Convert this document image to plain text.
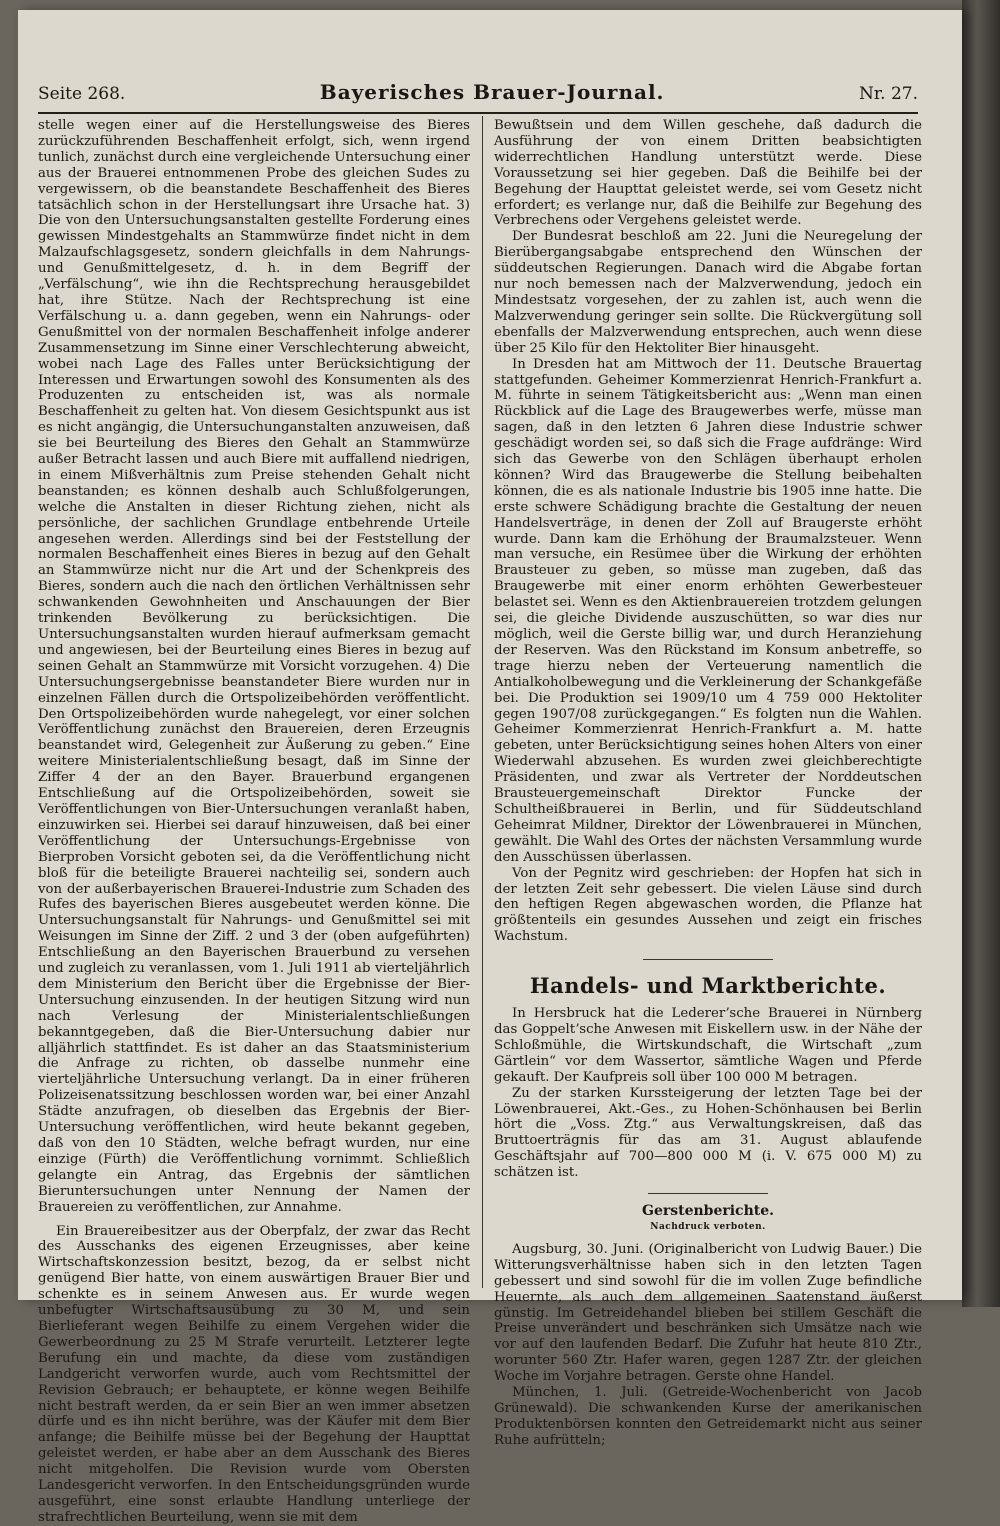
Seite 268.	Bayerisches Brauer-Journal.	Nr. 27.

stelle wegen einer auf die Herstellungsweise des Bieres zurückzuführenden Beschaffenheit erfolgt, sich, wenn irgend tunlich, zunächst durch eine vergleichende Untersuchung einer aus der Brauerei entnommenen Probe des gleichen Sudes zu vergewissern, ob die beanstandete Beschaffenheit des Bieres tatsächlich schon in der Herstellungsart ihre Ursache hat. 3) Die von den Untersuchungsanstalten gestellte Forderung eines gewissen Mindestgehalts an Stammwürze findet nicht in dem Malzaufschlagsgesetz, sondern gleichfalls in dem Nahrungs- und Genußmittelgesetz, d. h. in dem Begriff der „Verfälschung“, wie ihn die Rechtsprechung herausgebildet hat, ihre Stütze. Nach der Rechtsprechung ist eine Verfälschung u. a. dann gegeben, wenn ein Nahrungs- oder Genußmittel von der normalen Beschaffenheit infolge anderer Zusammensetzung im Sinne einer Verschlechterung abweicht, wobei nach Lage des Falles unter Berücksichtigung der Interessen und Erwartungen sowohl des Konsumenten als des Produzenten zu entscheiden ist, was als normale Beschaffenheit zu gelten hat. Von diesem Gesichtspunkt aus ist es nicht angängig, die Untersuchunganstalten anzuweisen, daß sie bei Beurteilung des Bieres den Gehalt an Stammwürze außer Betracht lassen und auch Biere mit auffallend niedrigen, in einem Mißverhältnis zum Preise stehenden Gehalt nicht beanstanden; es können deshalb auch Schlußfolgerungen, welche die Anstalten in dieser Richtung ziehen, nicht als persönliche, der sachlichen Grundlage entbehrende Urteile angesehen werden. Allerdings sind bei der Feststellung der normalen Beschaffenheit eines Bieres in bezug auf den Gehalt an Stammwürze nicht nur die Art und der Schenkpreis des Bieres, sondern auch die nach den örtlichen Verhältnissen sehr schwankenden Gewohnheiten und Anschauungen der Bier trinkenden Bevölkerung zu berücksichtigen. Die Untersuchungsanstalten wurden hierauf aufmerksam gemacht und angewiesen, bei der Beurteilung eines Bieres in bezug auf seinen Gehalt an Stammwürze mit Vorsicht vorzugehen. 4) Die Untersuchungsergebnisse beanstandeter Biere wurden nur in einzelnen Fällen durch die Ortspolizeibehörden veröffentlicht. Den Ortspolizeibehörden wurde nahegelegt, vor einer solchen Veröffentlichung zunächst den Brauereien, deren Erzeugnis beanstandet wird, Gelegenheit zur Äußerung zu geben.“ Eine weitere Ministerialentschließung besagt, daß im Sinne der Ziffer 4 der an den Bayer. Brauerbund ergangenen Entschließung auf die Ortspolizeibehörden, soweit sie Veröffentlichungen von Bier-Untersuchungen veranlaßt haben, einzuwirken sei. Hierbei sei darauf hinzuweisen, daß bei einer Veröffentlichung der Untersuchungs-Ergebnisse von Bierproben Vorsicht geboten sei, da die Veröffentlichung nicht bloß für die beteiligte Brauerei nachteilig sei, sondern auch von der außerbayerischen Brauerei-Industrie zum Schaden des Rufes des bayerischen Bieres ausgebeutet werden könne. Die Untersuchungsanstalt für Nahrungs- und Genußmittel sei mit Weisungen im Sinne der Ziff. 2 und 3 der (oben aufgeführten) Entschließung an den Bayerischen Brauerbund zu versehen und zugleich zu veranlassen, vom 1. Juli 1911 ab vierteljährlich dem Ministerium den Bericht über die Ergebnisse der Bier-Untersuchung einzusenden. In der heutigen Sitzung wird nun nach Verlesung der Ministerialentschließungen bekanntgegeben, daß die Bier-Untersuchung dabier nur alljährlich stattfindet. Es ist daher an das Staatsministerium die Anfrage zu richten, ob dasselbe nunmehr eine vierteljährliche Untersuchung verlangt. Da in einer früheren Polizeisenatssitzung beschlossen worden war, bei einer Anzahl Städte anzufragen, ob dieselben das Ergebnis der Bier-Untersuchung veröffentlichen, wird heute bekannt gegeben, daß von den 10 Städten, welche befragt wurden, nur eine einzige (Fürth) die Veröffentlichung vornimmt. Schließlich gelangte ein Antrag, das Ergebnis der sämtlichen Bieruntersuchungen unter Nennung der Namen der Brauereien zu veröffentlichen, zur Annahme.

Ein Brauereibesitzer aus der Oberpfalz, der zwar das Recht des Ausschanks des eigenen Erzeugnisses, aber keine Wirtschaftskonzession besitzt, bezog, da er selbst nicht genügend Bier hatte, von einem auswärtigen Brauer Bier und schenkte es in seinem Anwesen aus. Er wurde wegen unbefugter Wirtschaftsausübung zu 30 M, und sein Bierlieferant wegen Beihilfe zu einem Vergehen wider die Gewerbeordnung zu 25 M Strafe verurteilt. Letzterer legte Berufung ein und machte, da diese vom zuständigen Landgericht verworfen wurde, auch vom Rechtsmittel der Revision Gebrauch; er behauptete, er könne wegen Beihilfe nicht bestraft werden, da er sein Bier an wen immer absetzen dürfe und es ihn nicht berühre, was der Käufer mit dem Bier anfange; die Beihilfe müsse bei der Begehung der Haupttat geleistet werden, er habe aber an dem Ausschank des Bieres nicht mitgeholfen. Die Revision wurde vom Obersten Landesgericht verworfen. In den Entscheidungsgründen wurde ausgeführt, eine sonst erlaubte Handlung unterliege der strafrechtlichen Beurteilung, wenn sie mit dem

Bewußtsein und dem Willen geschehe, daß dadurch die Ausführung der von einem Dritten beabsichtigten widerrechtlichen Handlung unterstützt werde. Diese Voraussetzung sei hier gegeben. Daß die Beihilfe bei der Begehung der Haupttat geleistet werde, sei vom Gesetz nicht erfordert; es verlange nur, daß die Beihilfe zur Begehung des Verbrechens oder Vergehens geleistet werde.

Der Bundesrat beschloß am 22. Juni die Neuregelung der Bierübergangsabgabe entsprechend den Wünschen der süddeutschen Regierungen. Danach wird die Abgabe fortan nur noch bemessen nach der Malzverwendung, jedoch ein Mindestsatz vorgesehen, der zu zahlen ist, auch wenn die Malzverwendung geringer sein sollte. Die Rückvergütung soll ebenfalls der Malzverwendung entsprechen, auch wenn diese über 25 Kilo für den Hektoliter Bier hinausgeht.

In Dresden hat am Mittwoch der 11. Deutsche Brauertag stattgefunden. Geheimer Kommerzienrat Henrich-Frankfurt a. M. führte in seinem Tätigkeitsbericht aus: „Wenn man einen Rückblick auf die Lage des Braugewerbes werfe, müsse man sagen, daß in den letzten 6 Jahren diese Industrie schwer geschädigt worden sei, so daß sich die Frage aufdränge: Wird sich das Gewerbe von den Schlägen überhaupt erholen können? Wird das Braugewerbe die Stellung beibehalten können, die es als nationale Industrie bis 1905 inne hatte. Die erste schwere Schädigung brachte die Gestaltung der neuen Handelsverträge, in denen der Zoll auf Braugerste erhöht wurde. Dann kam die Erhöhung der Braumalzsteuer. Wenn man versuche, ein Resümee über die Wirkung der erhöhten Brausteuer zu geben, so müsse man zugeben, daß das Braugewerbe mit einer enorm erhöhten Gewerbesteuer belastet sei. Wenn es den Aktienbrauereien trotzdem gelungen sei, die gleiche Dividende auszuschütten, so war dies nur möglich, weil die Gerste billig war, und durch Heranziehung der Reserven. Was den Rückstand im Konsum anbetreffe, so trage hierzu neben der Verteuerung namentlich die Antialkoholbewegung und die Verkleinerung der Schankgefäße bei. Die Produktion sei 1909/10 um 4 759 000 Hektoliter gegen 1907/08 zurückgegangen.“ Es folgten nun die Wahlen. Geheimer Kommerzienrat Henrich-Frankfurt a. M. hatte gebeten, unter Berücksichtigung seines hohen Alters von einer Wiederwahl abzusehen. Es wurden zwei gleichberechtigte Präsidenten, und zwar als Vertreter der Norddeutschen Brausteuergemeinschaft Direktor Funcke der Schultheißbrauerei in Berlin, und für Süddeutschland Geheimrat Mildner, Direktor der Löwenbrauerei in München, gewählt. Die Wahl des Ortes der nächsten Versammlung wurde den Ausschüssen überlassen.

Von der Pegnitz wird geschrieben: der Hopfen hat sich in der letzten Zeit sehr gebessert. Die vielen Läuse sind durch den heftigen Regen abgewaschen worden, die Pflanze hat größtenteils ein gesundes Aussehen und zeigt ein frisches Wachstum.

Handels- und Marktberichte.

In Hersbruck hat die Ledererʼsche Brauerei in Nürnberg das Goppeltʼsche Anwesen mit Eiskellern usw. in der Nähe der Schloßmühle, die Wirtskundschaft, die Wirtschaft „zum Gärtlein“ vor dem Wassertor, sämtliche Wagen und Pferde gekauft. Der Kaufpreis soll über 100 000 M betragen.

Zu der starken Kurssteigerung der letzten Tage bei der Löwenbrauerei, Akt.-Ges., zu Hohen-Schönhausen bei Berlin hört die „Voss. Ztg.“ aus Verwaltungskreisen, daß das Bruttoerträgnis für das am 31. August ablaufende Geschäftsjahr auf 700—800 000 M (i. V. 675 000 M) zu schätzen ist.

Gerstenberichte.
Nachdruck verboten.

Augsburg, 30. Juni. (Originalbericht von Ludwig Bauer.) Die Witterungsverhältnisse haben sich in den letzten Tagen gebessert und sind sowohl für die im vollen Zuge befindliche Heuernte, als auch dem allgemeinen Saatenstand äußerst günstig. Im Getreidehandel blieben bei stillem Geschäft die Preise unverändert und beschränken sich Umsätze nach wie vor auf den laufenden Bedarf. Die Zufuhr hat heute 810 Ztr., worunter 560 Ztr. Hafer waren, gegen 1287 Ztr. der gleichen Woche im Vorjahre betragen. Gerste ohne Handel.

München, 1. Juli. (Getreide-Wochenbericht von Jacob Grünewald). Die schwankenden Kurse der amerikanischen Produktenbörsen konnten den Getreidemarkt nicht aus seiner Ruhe aufrütteln;
